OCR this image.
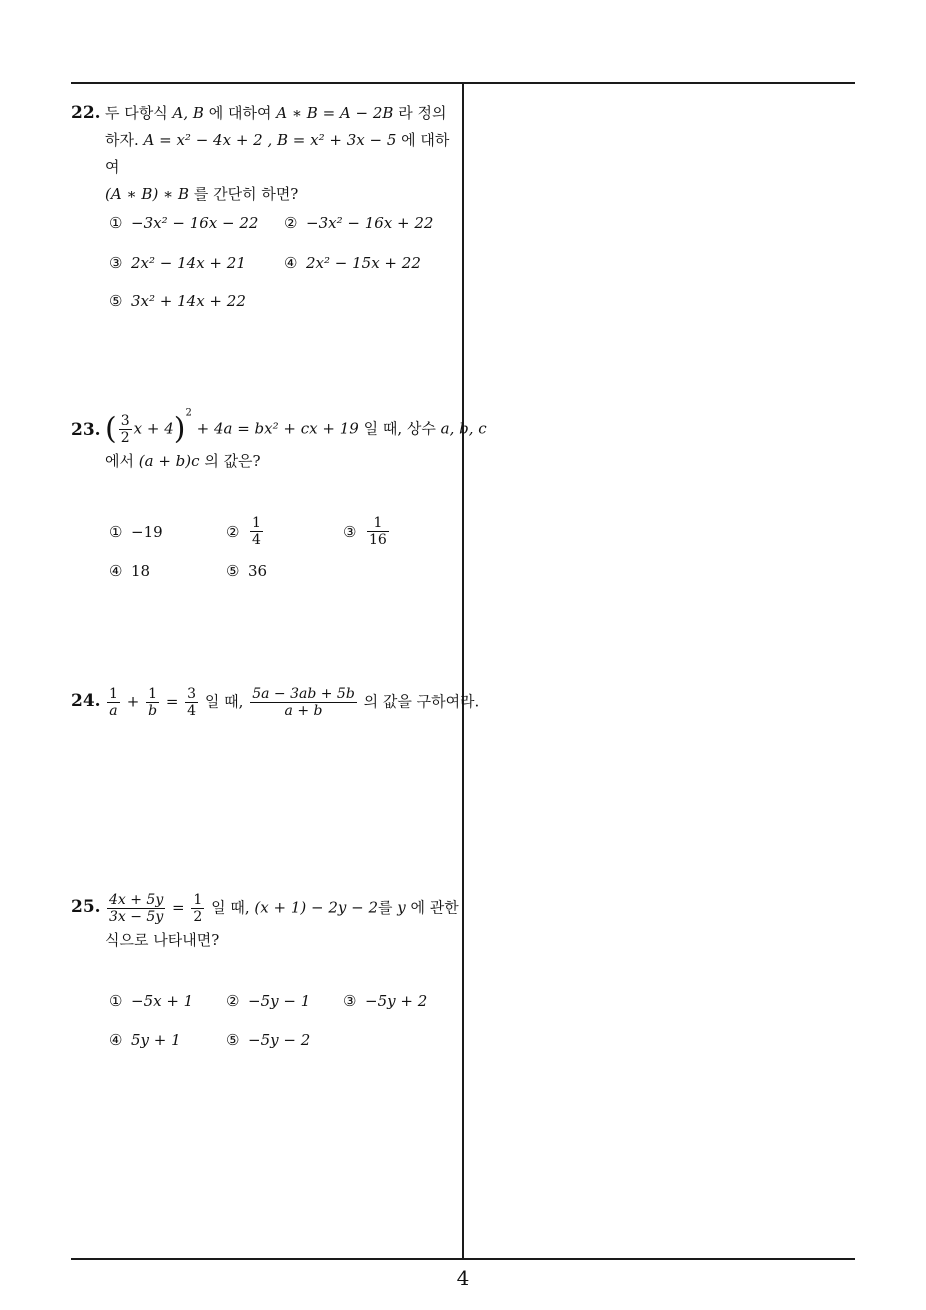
22. 두 다항식 A, B 에 대하여 A ∗ B = A − 2B 라 정의
하자. A = x² − 4x + 2 , B = x² + 3x − 5 에 대하여
(A ∗ B) ∗ B 를 간단히 하면?
① −3x² − 16x − 22 ② −3x² − 16x + 22
③ 2x² − 14x + 21	④ 2x² − 15x + 22
⑤ 3x² + 14x + 22
23. ( $\frac{3}{2}$ x + 4)$^2$ + 4a = bx² + cx + 19 일 때, 상수 a, b, c
에서 (a + b)c 의 값은?
① −19	② $\frac{1}{4}$	③ $\frac{1}{16}$
④ 18	⑤ 36
24. $\frac{1}{a} + \frac{1}{b} = \frac{3}{4}$ 일 때, $\frac{5a - 3ab + 5b}{a + b}$ 의 값을 구하여라.
25. $\frac{4x + 5y}{3x - 5y} = \frac{1}{2}$ 일 때, (x + 1) − 2y − 2를 y 에 관한
식으로 나타내면?
① −5x + 1 ② −5y − 1 ③ −5y + 2
④ 5y + 1	⑤ −5y − 2
4
